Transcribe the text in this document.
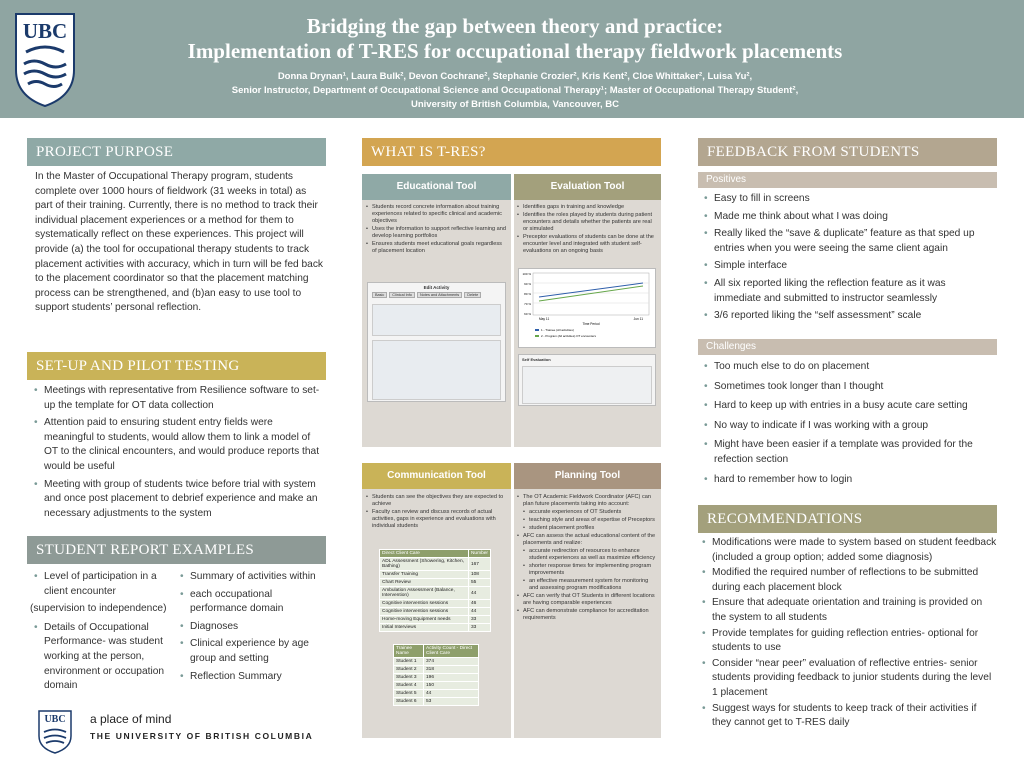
UBC	Bridging the gap between theory and practice:
Implementation of T-RES for occupational therapy fieldwork placements
Donna Drynan¹, Laura Bulk², Devon Cochrane², Stephanie Crozier², Kris Kent², Cloe Whittaker², Luisa Yu²,
Senior Instructor, Department of Occupational Science and Occupational Therapy¹; Master of Occupational Therapy Student²,
University of British Columbia, Vancouver, BC
PROJECT PURPOSE
In the Master of Occupational Therapy program, students complete over 1000 hours of fieldwork (31 weeks in total) as part of their training. Currently, there is no method to track their individual placement experiences or a method for them to systematically reflect on these experiences. This project will provide (a) the tool for occupational therapy students to track placement activities with accuracy, which in turn will be fed back to the placement coordinator so that the placement matching process can be strengthened, and (b)an easy to use tool to support students’ personal reflection.
SET-UP AND PILOT TESTING
• Meetings with representative from Resilience software to set-up the template for OT data collection
• Attention paid to ensuring student entry fields were meaningful to students, would allow them to link a model of OT to the clinical encounters, and would produce reports that would be useful
• Meeting with group of students twice before trial with system and once post placement to debrief experience and make an necessary adjustments to the system
STUDENT REPORT EXAMPLES
• Level of participation in a client encounter
(supervision to independence)
• Details of Occupational Performance- was student working at the person, environment or occupation domain
• Summary of activities within
• each occupational performance domain
• Diagnoses
• Clinical experience by age group and setting
• Reflection Summary
UBC a place of mind
THE UNIVERSITY OF BRITISH COLUMBIA
WHAT IS T-RES?
Educational Tool
• Students record concrete information about training experiences related to specific clinical and academic objectives
• Uses the information to support reflective learning and develop learning portfolios
• Ensures students meet educational goals regardless of placement location
Edit Activity
Basic	Clinical Info	Notes and Attachments	Delete
Evaluation Tool
• Identifies gaps in training and knowledge
• Identifies the roles played by students during patient encounters and details whether the patients are real or simulated
• Preceptor evaluations of students can be done at the encounter level and integrated with student self-evaluations on an ongoing basis
100 %
90 %
80 %
70 %
60 %
May 11	Jun 11
Time Period
1 - Trainee (All activities)
2 - Program (All activities) OT encounters
Self Evaluation
Communication Tool
• Students can see the objectives they are expected to achieve
• Faculty can review and discuss records of actual activities, gaps in experience and evaluations with individual students
Direct Client Care	Number
ADL Assessment (Showering, Kitchen, Bathing)	167
Transfer Training	108
Chart Review	55
Ambulation Assessment (Balance, Intervention)	44
Cognitive intervention sessions	46
Cognitive intervention sessions	44
Home-moving Equipment needs	33
Initial Interviews	33
Trainee Name	Activity Count - Direct Client Care
Student 1	374
Student 2	318
Student 3	196
Student 4	150
Student 5	44
Student 6	53
Planning Tool
• The OT Academic Fieldwork Coordinator (AFC) can plan future placements taking into account:
• accurate experiences of OT Students
• teaching style and areas of expertise of Preceptors
• student placement profiles
• AFC can assess the actual educational content of the placements and realize:
• accurate redirection of resources to enhance student experiences as well as maximize efficiency
• shorter response times for implementing program improvements
• an effective measurement system for monitoring and assessing program modifications
• AFC can verify that OT Students in different locations are having comparable experiences
• AFC can demonstrate compliance for accreditation requirements
FEEDBACK FROM STUDENTS
Positives
• Easy to fill in screens
• Made me think about what I was doing
• Really liked the “save & duplicate” feature as that sped up entries when you were seeing the same client again
• Simple interface
• All six reported liking the reflection feature as it was immediate and submitted to instructor seamlessly
• 3/6 reported liking the “self assessment” scale
Challenges
• Too much else to do on placement
• Sometimes took longer than I thought
• Hard to keep up with entries in a busy acute care setting
• No way to indicate if I was working with a group
• Might have been easier if a template was provided for the refection section
• hard to remember how to login
RECOMMENDATIONS
• Modifications were made to system based on student feedback (included a group option; added some diagnosis)
• Modified the required number of reflections to be submitted during each placement block
• Ensure that adequate orientation and training is provided on the system to all students
• Provide templates for guiding reflection entries- optional for students to use
• Consider “near peer” evaluation of reflective entries- senior students providing feedback to junior students during the level 1 placement
• Suggest ways for students to keep track of their activities if they cannot get to T-RES daily
